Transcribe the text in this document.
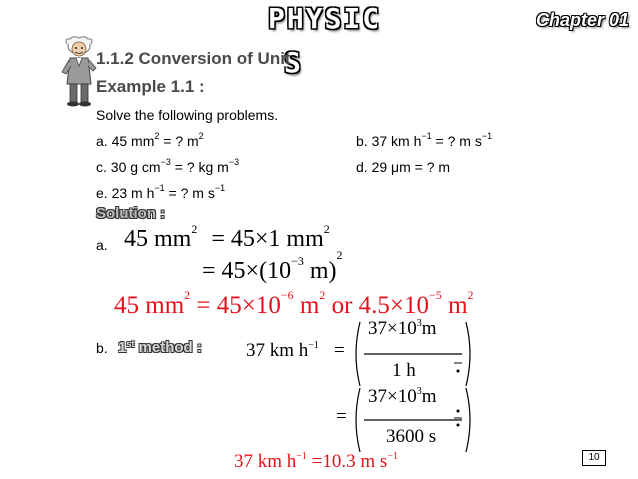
PHYSIC
S
Chapter 01
1.1.2 Conversion of Unit
Example 1.1 :
Solve the following problems.
a. 45 $mm^2$ = ? $m^2$	b. 37 km $h^{-1}$ = ? m $s^{-1}$
c. 30 g $cm^{-3}$ = ? kg $m^{-3}$	d. 29 μm = ? m
e. 23 m $h^{-1}$ = ? m $s^{-1}$
Solution :
a. 45 $mm^2 = 45\times 1$ $mm^2$
= $45\times(10^{-3}$ m)$^2$
45 $mm^2 = 45\times 10^{-6}$ $m^2$ or $4.5\times 10^{-5}$ $m^2$
b. 1st method : 37 km $h^{-1}$ =
$37\times 10^3m$
1 h
=
$37\times 10^3m$
3600 s
37 km $h^{-1} =10.3$ m $s^{-1}$	10
